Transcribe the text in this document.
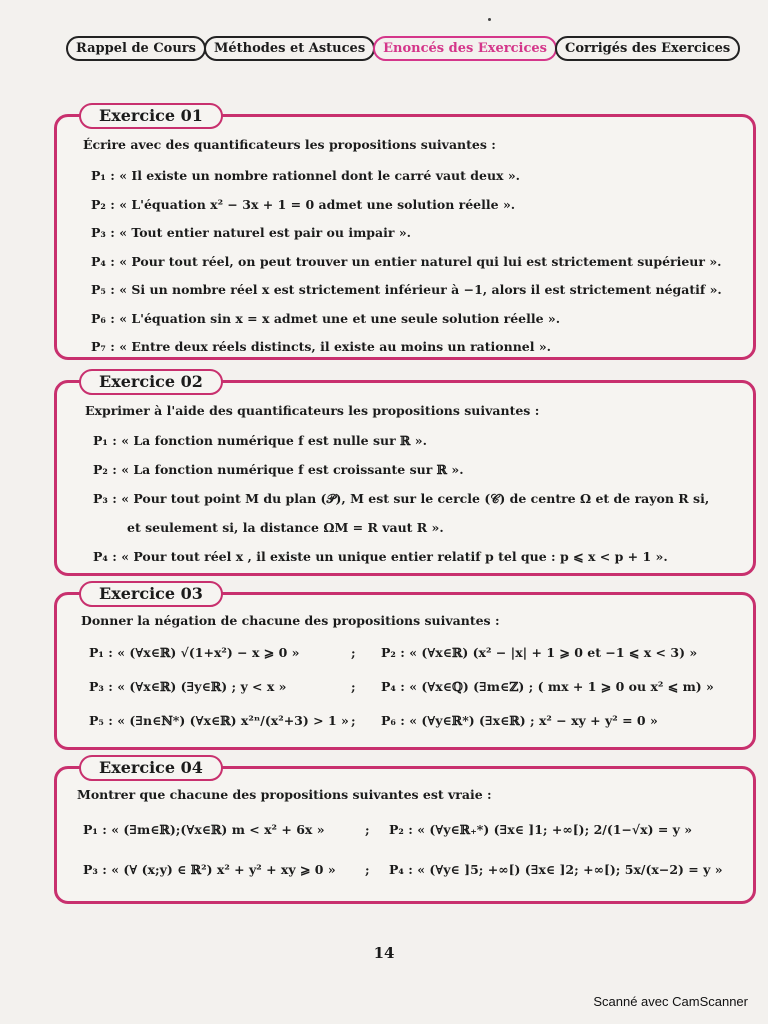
Rappel de Cours	Méthodes et Astuces	Enoncés des Exercices	Corrigés des Exercices
Exercice 01

Écrire avec des quantificateurs les propositions suivantes :

P₁ : « Il existe un nombre rationnel dont le carré vaut deux ».

P₂ : « L'équation x² − 3x + 1 = 0 admet une solution réelle ».

P₃ : « Tout entier naturel est pair ou impair ».

P₄ : « Pour tout réel, on peut trouver un entier naturel qui lui est strictement supérieur ».

P₅ : « Si un nombre réel x est strictement inférieur à −1, alors il est strictement négatif ».

P₆ : « L'équation sin x = x admet une et une seule solution réelle ».

P₇ : « Entre deux réels distincts, il existe au moins un rationnel ».

Exercice 02

Exprimer à l'aide des quantificateurs les propositions suivantes :

P₁ : « La fonction numérique f est nulle sur ℝ ».

P₂ : « La fonction numérique f est croissante sur ℝ ».

P₃ : « Pour tout point M du plan (𝒫), M est sur le cercle (𝒞) de centre Ω et de rayon R si,

et seulement si, la distance ΩM = R vaut R ».

P₄ : « Pour tout réel x , il existe un unique entier relatif p tel que : p ⩽ x < p + 1 ».

Exercice 03

Donner la négation de chacune des propositions suivantes :

P₁ : « (∀x∈ℝ) √(1+x²) − x ⩾ 0 »	;	P₂ : « (∀x∈ℝ) (x² − |x| + 1 ⩾ 0 et −1 ⩽ x < 3) »
P₃ : « (∀x∈ℝ) (∃y∈ℝ) ; y < x »	;	P₄ : « (∀x∈ℚ) (∃m∈ℤ) ; ( mx + 1 ⩾ 0 ou x² ⩽ m) »
P₅ : « (∃n∈ℕ*) (∀x∈ℝ) x²ⁿ/(x²+3) > 1 » ;	P₆ : « (∀y∈ℝ*) (∃x∈ℝ) ; x² − xy + y² = 0 »
Exercice 04

Montrer que chacune des propositions suivantes est vraie :

P₁ : « (∃m∈ℝ);(∀x∈ℝ) m < x² + 6x »	;	P₂ : « (∀y∈ℝ₊*) (∃x∈ ]1; +∞[); 2/(1−√x) = y »
P₃ : « (∀ (x;y) ∈ ℝ²) x² + y² + xy ⩾ 0 »	;	P₄ : « (∀y∈ ]5; +∞[) (∃x∈ ]2; +∞[); 5x/(x−2) = y »
14
Scanné avec CamScanner
